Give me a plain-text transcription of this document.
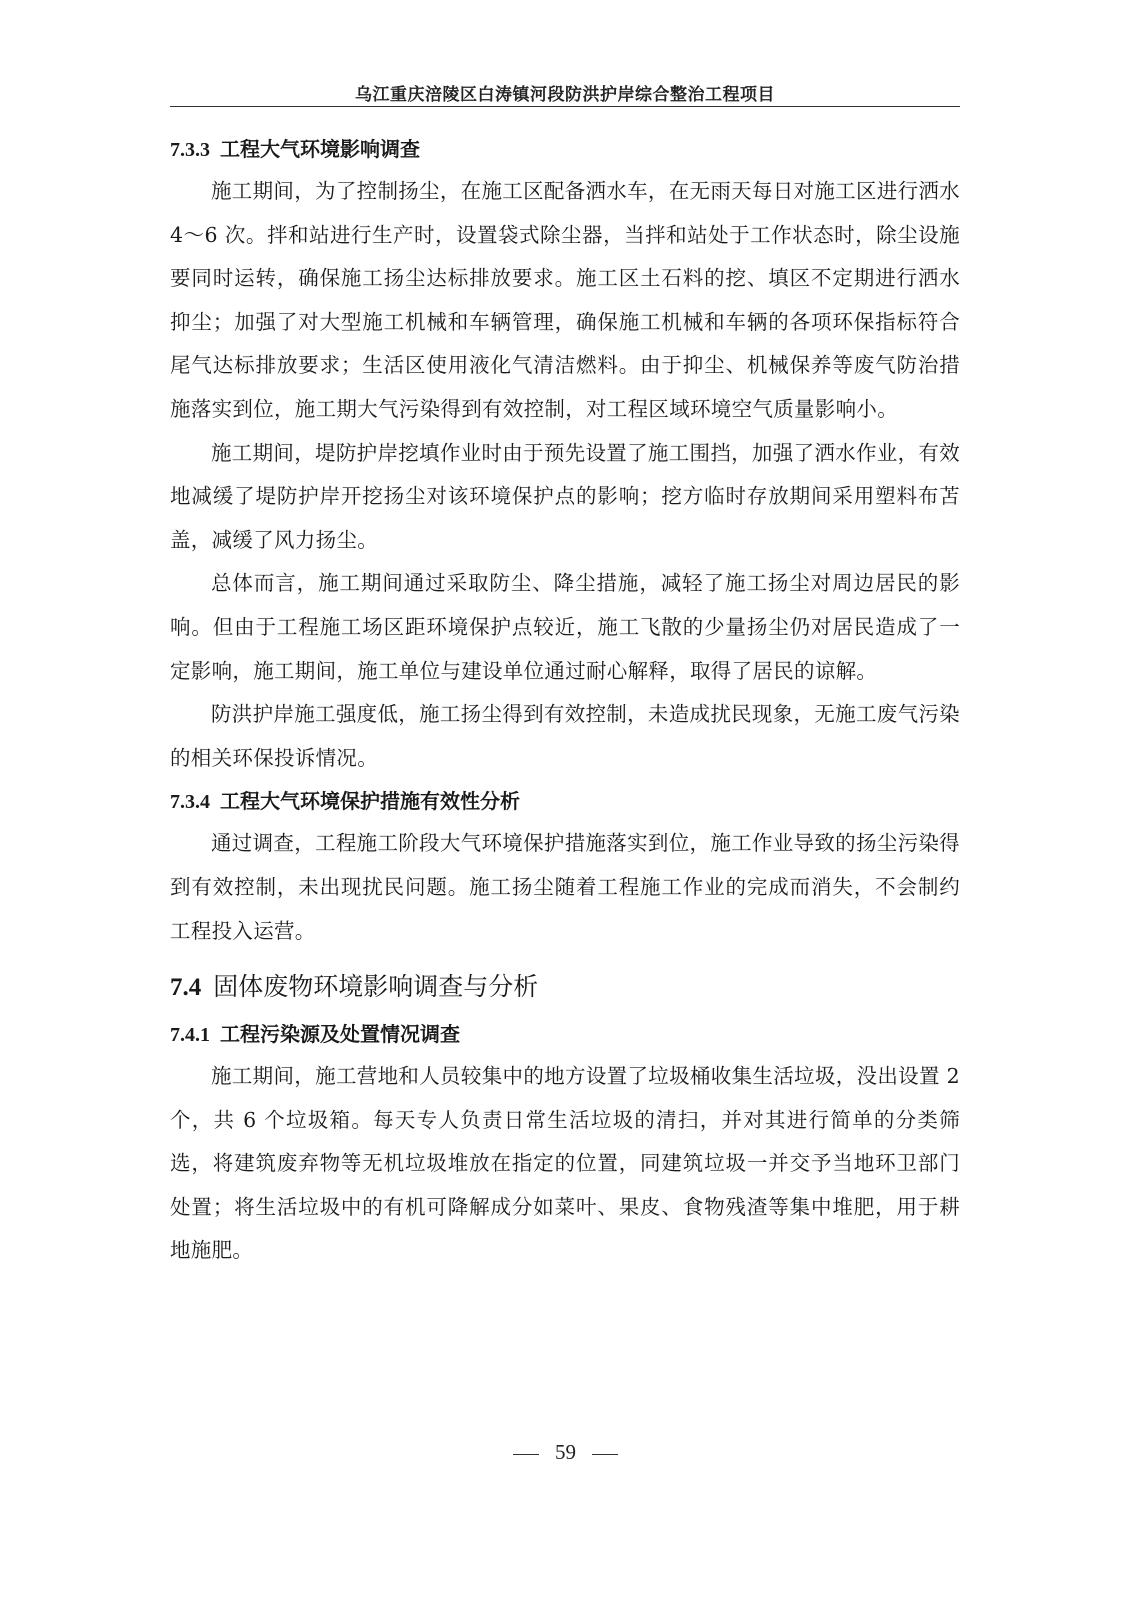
乌江重庆涪陵区白涛镇河段防洪护岸综合整治工程项目
7.3.3 工程大气环境影响调查

施工期间，为了控制扬尘，在施工区配备洒水车，在无雨天每日对施工区进行洒水 4～6 次。拌和站进行生产时，设置袋式除尘器，当拌和站处于工作状态时，除尘设施要同时运转，确保施工扬尘达标排放要求。施工区土石料的挖、填区不定期进行洒水抑尘；加强了对大型施工机械和车辆管理，确保施工机械和车辆的各项环保指标符合尾气达标排放要求；生活区使用液化气清洁燃料。由于抑尘、机械保养等废气防治措施落实到位，施工期大气污染得到有效控制，对工程区域环境空气质量影响小。

施工期间，堤防护岸挖填作业时由于预先设置了施工围挡，加强了洒水作业，有效地减缓了堤防护岸开挖扬尘对该环境保护点的影响；挖方临时存放期间采用塑料布苫盖，减缓了风力扬尘。

总体而言，施工期间通过采取防尘、降尘措施，减轻了施工扬尘对周边居民的影响。但由于工程施工场区距环境保护点较近，施工飞散的少量扬尘仍对居民造成了一定影响，施工期间，施工单位与建设单位通过耐心解释，取得了居民的谅解。

防洪护岸施工强度低，施工扬尘得到有效控制，未造成扰民现象，无施工废气污染的相关环保投诉情况。

7.3.4 工程大气环境保护措施有效性分析

通过调查，工程施工阶段大气环境保护措施落实到位，施工作业导致的扬尘污染得到有效控制，未出现扰民问题。施工扬尘随着工程施工作业的完成而消失，不会制约工程投入运营。

7.4 固体废物环境影响调查与分析
7.4.1 工程污染源及处置情况调查

施工期间，施工营地和人员较集中的地方设置了垃圾桶收集生活垃圾，没出设置 2 个，共 6 个垃圾箱。每天专人负责日常生活垃圾的清扫，并对其进行简单的分类筛选，将建筑废弃物等无机垃圾堆放在指定的位置，同建筑垃圾一并交予当地环卫部门处置；将生活垃圾中的有机可降解成分如菜叶、果皮、食物残渣等集中堆肥，用于耕地施肥。

59
